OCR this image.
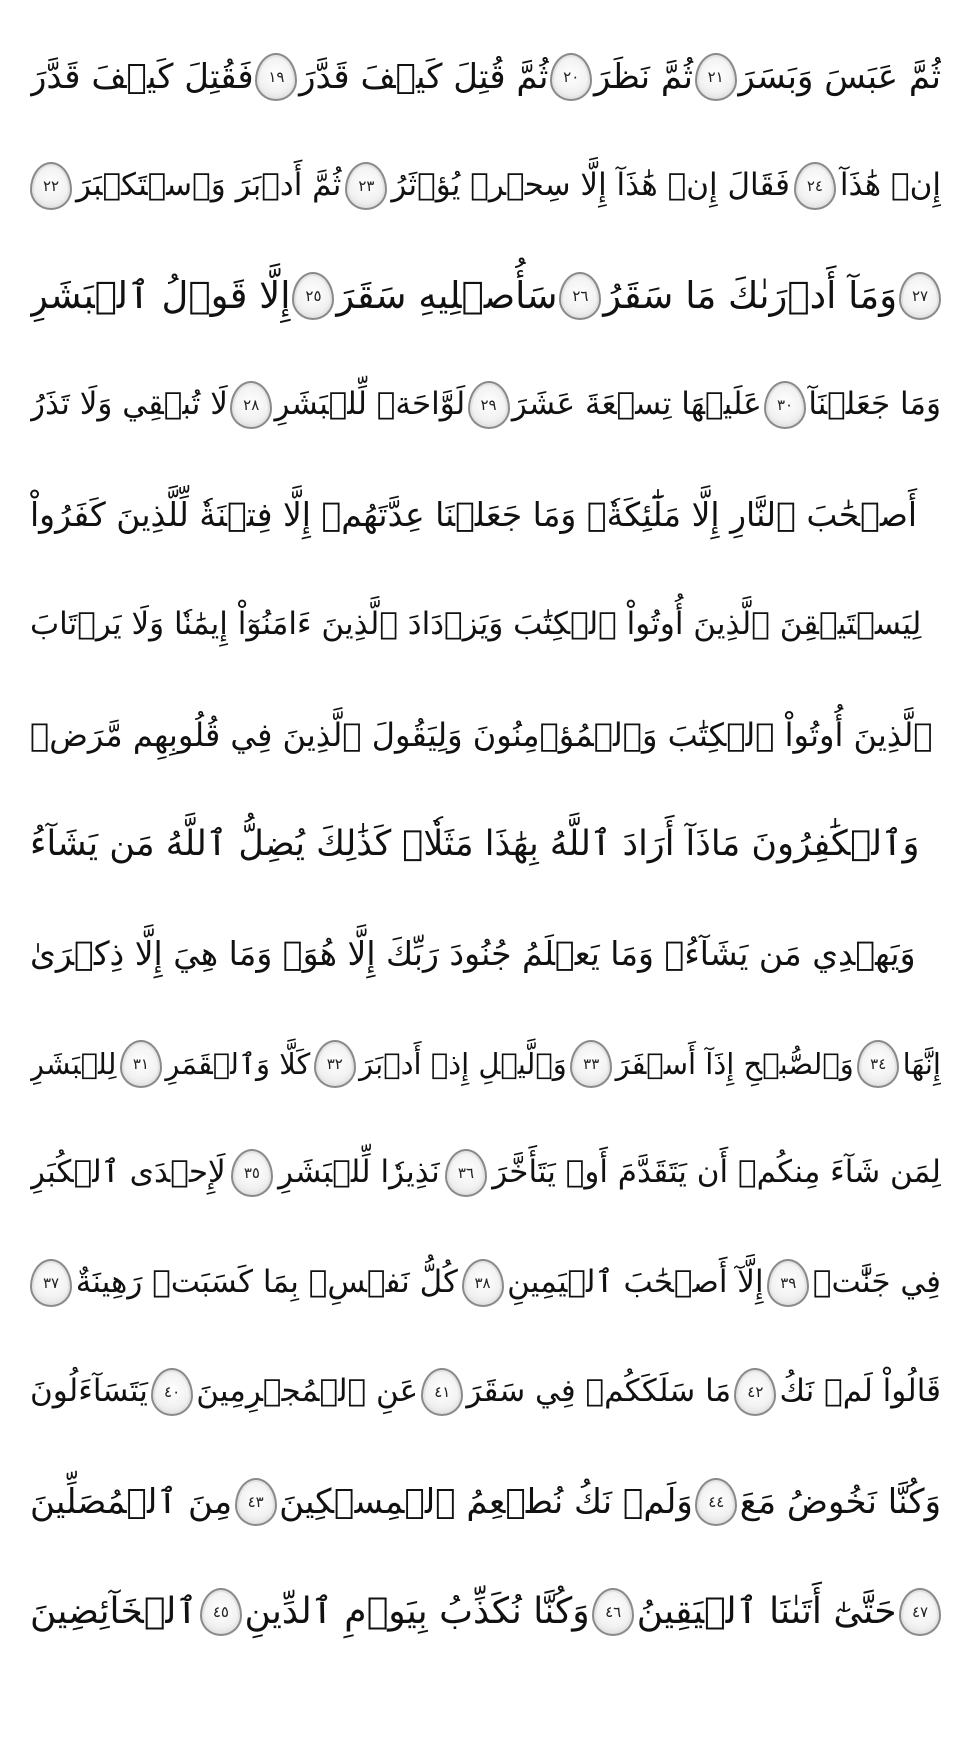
فَقُتِلَ كَيۡفَ قَدَّرَ ١٩ ثُمَّ قُتِلَ كَيۡفَ قَدَّرَ ٢٠ ثُمَّ نَظَرَ ٢١ ثُمَّ عَبَسَ وَبَسَرَ
٢٢ ثُمَّ أَدۡبَرَ وَٱسۡتَكۡبَرَ	٢٣ فَقَالَ إِنۡ هَٰذَآ إِلَّا سِحۡرٞ يُؤۡثَرُ	٢٤ إِنۡ هَٰذَآ
إِلَّا قَوۡلُ ٱلۡبَشَرِ ٢٥ سَأُصۡلِيهِ سَقَرَ ٢٦ وَمَآ أَدۡرَىٰكَ مَا سَقَرُ ٢٧
لَا تُبۡقِي وَلَا تَذَرُ	٢٨ لَوَّاحَةٞ لِّلۡبَشَرِ	٢٩ عَلَيۡهَا تِسۡعَةَ عَشَرَ	٣٠ وَمَا جَعَلۡنَآ
أَصۡحَٰبَ ٱلنَّارِ إِلَّا مَلَٰٓئِكَةٗۖ وَمَا جَعَلۡنَا عِدَّتَهُمۡ إِلَّا فِتۡنَةٗ لِّلَّذِينَ كَفَرُواْ
لِيَسۡتَيۡقِنَ ٱلَّذِينَ أُوتُواْ ٱلۡكِتَٰبَ وَيَزۡدَادَ ٱلَّذِينَ ءَامَنُوٓاْ إِيمَٰنٗا وَلَا يَرۡتَابَ
ٱلَّذِينَ أُوتُواْ ٱلۡكِتَٰبَ وَٱلۡمُؤۡمِنُونَ وَلِيَقُولَ ٱلَّذِينَ فِي قُلُوبِهِم مَّرَضٞ
وَٱلۡكَٰفِرُونَ مَاذَآ أَرَادَ ٱللَّهُ بِهَٰذَا مَثَلٗاۚ كَذَٰلِكَ يُضِلُّ ٱللَّهُ مَن يَشَآءُ
وَيَهۡدِي مَن يَشَآءُۚ وَمَا يَعۡلَمُ جُنُودَ رَبِّكَ إِلَّا هُوَۚ وَمَا هِيَ إِلَّا ذِكۡرَىٰ
لِلۡبَشَرِ	٣١ كَلَّا وَٱلۡقَمَرِ	٣٢ وَٱلَّيۡلِ إِذۡ أَدۡبَرَ	٣٣ وَٱلصُّبۡحِ إِذَآ أَسۡفَرَ	٣٤ إِنَّهَا
لَإِحۡدَى ٱلۡكُبَرِ	٣٥ نَذِيرٗا لِّلۡبَشَرِ	٣٦ لِمَن شَآءَ مِنكُمۡ أَن يَتَقَدَّمَ أَوۡ يَتَأَخَّرَ
٣٧ كُلُّ نَفۡسِۭ بِمَا كَسَبَتۡ رَهِينَةٌ	٣٨ إِلَّآ أَصۡحَٰبَ ٱلۡيَمِينِ	٣٩ فِي جَنَّٰتٖ
يَتَسَآءَلُونَ	٤٠ عَنِ ٱلۡمُجۡرِمِينَ	٤١ مَا سَلَكَكُمۡ فِي سَقَرَ	٤٢ قَالُواْ لَمۡ نَكُ
مِنَ ٱلۡمُصَلِّينَ	٤٣ وَلَمۡ نَكُ نُطۡعِمُ ٱلۡمِسۡكِينَ	٤٤ وَكُنَّا نَخُوضُ مَعَ
ٱلۡخَآئِضِينَ	٤٥ وَكُنَّا نُكَذِّبُ بِيَوۡمِ ٱلدِّينِ	٤٦ حَتَّىٰٓ أَتَىٰنَا ٱلۡيَقِينُ	٤٧
